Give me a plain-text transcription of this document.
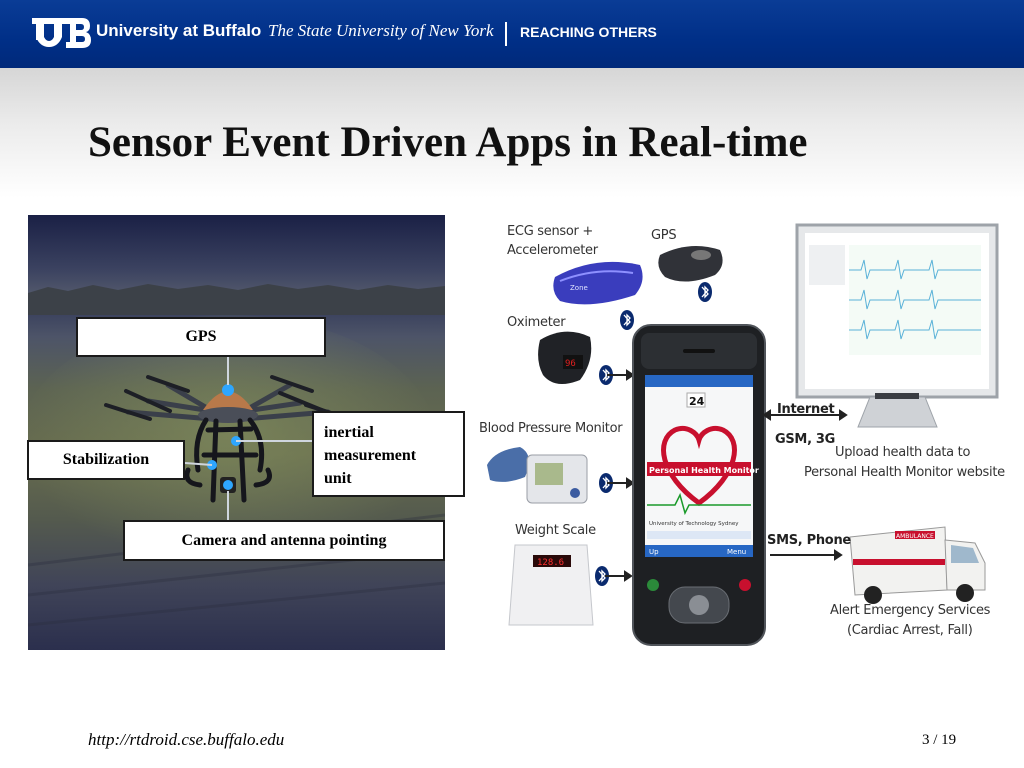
University at Buffalo The State University of New York REACHING OTHERS
Sensor Event Driven Apps in Real-time
GPS
Stabilization
inertial
measurement
unit
Camera and antenna pointing
Zone
96
128.6
Up	Menu
24
Personal Health Monitor
University of Technology Sydney
AMBULANCE
ECG sensor +
Accelerometer
GPS
Oximeter
Blood Pressure Monitor
Weight Scale
Internet
GSM, 3G
Upload health data to
Personal Health Monitor website
SMS, Phone
Alert Emergency Services
(Cardiac Arrest, Fall)
http://rtdroid.cse.buffalo.edu	3 / 19
